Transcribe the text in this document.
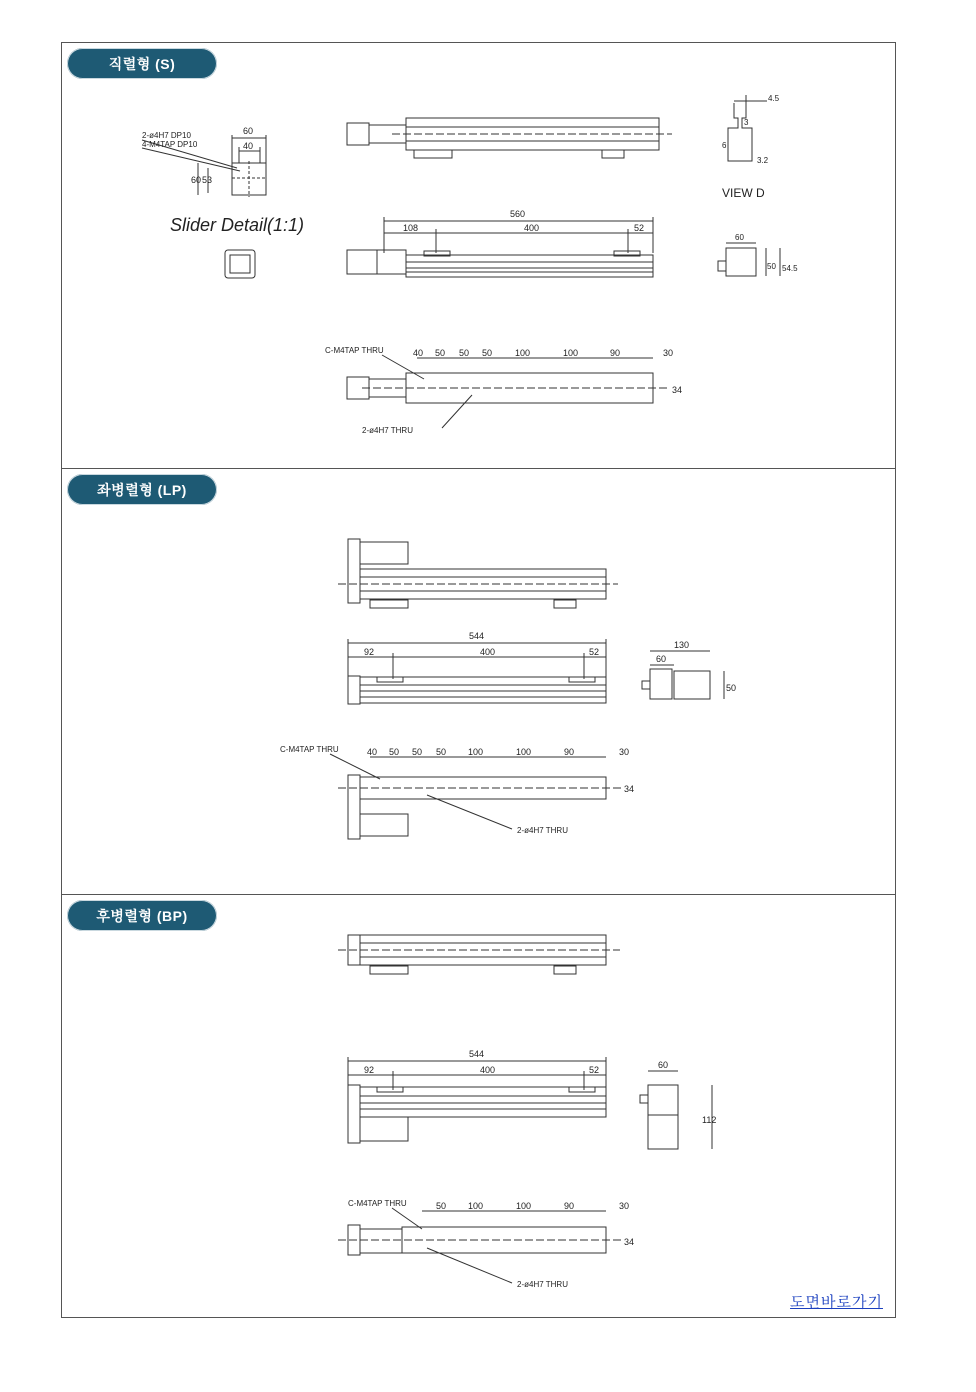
직렬형 (S)
2-ø4H7 DP10
4-M4TAP DP10
60
40
60 53
Slider Detail(1:1)
560
108	400	52
4.5
3
6
3.2
VIEW D
60
50 54.5
C-M4TAP THRU	40 50 50 50	100	100	90	30
34
2-ø4H7 THRU
좌병렬형 (LP)
544
92	400	52
130
60
50
C-M4TAP THRU	40 50 50 50 100	100	90	30
34
2-ø4H7 THRU
후병렬형 (BP)
544
92	400	52	60
112
C-M4TAP THRU	50 100	100	90	30
34
2-ø4H7 THRU
도면바로가기
